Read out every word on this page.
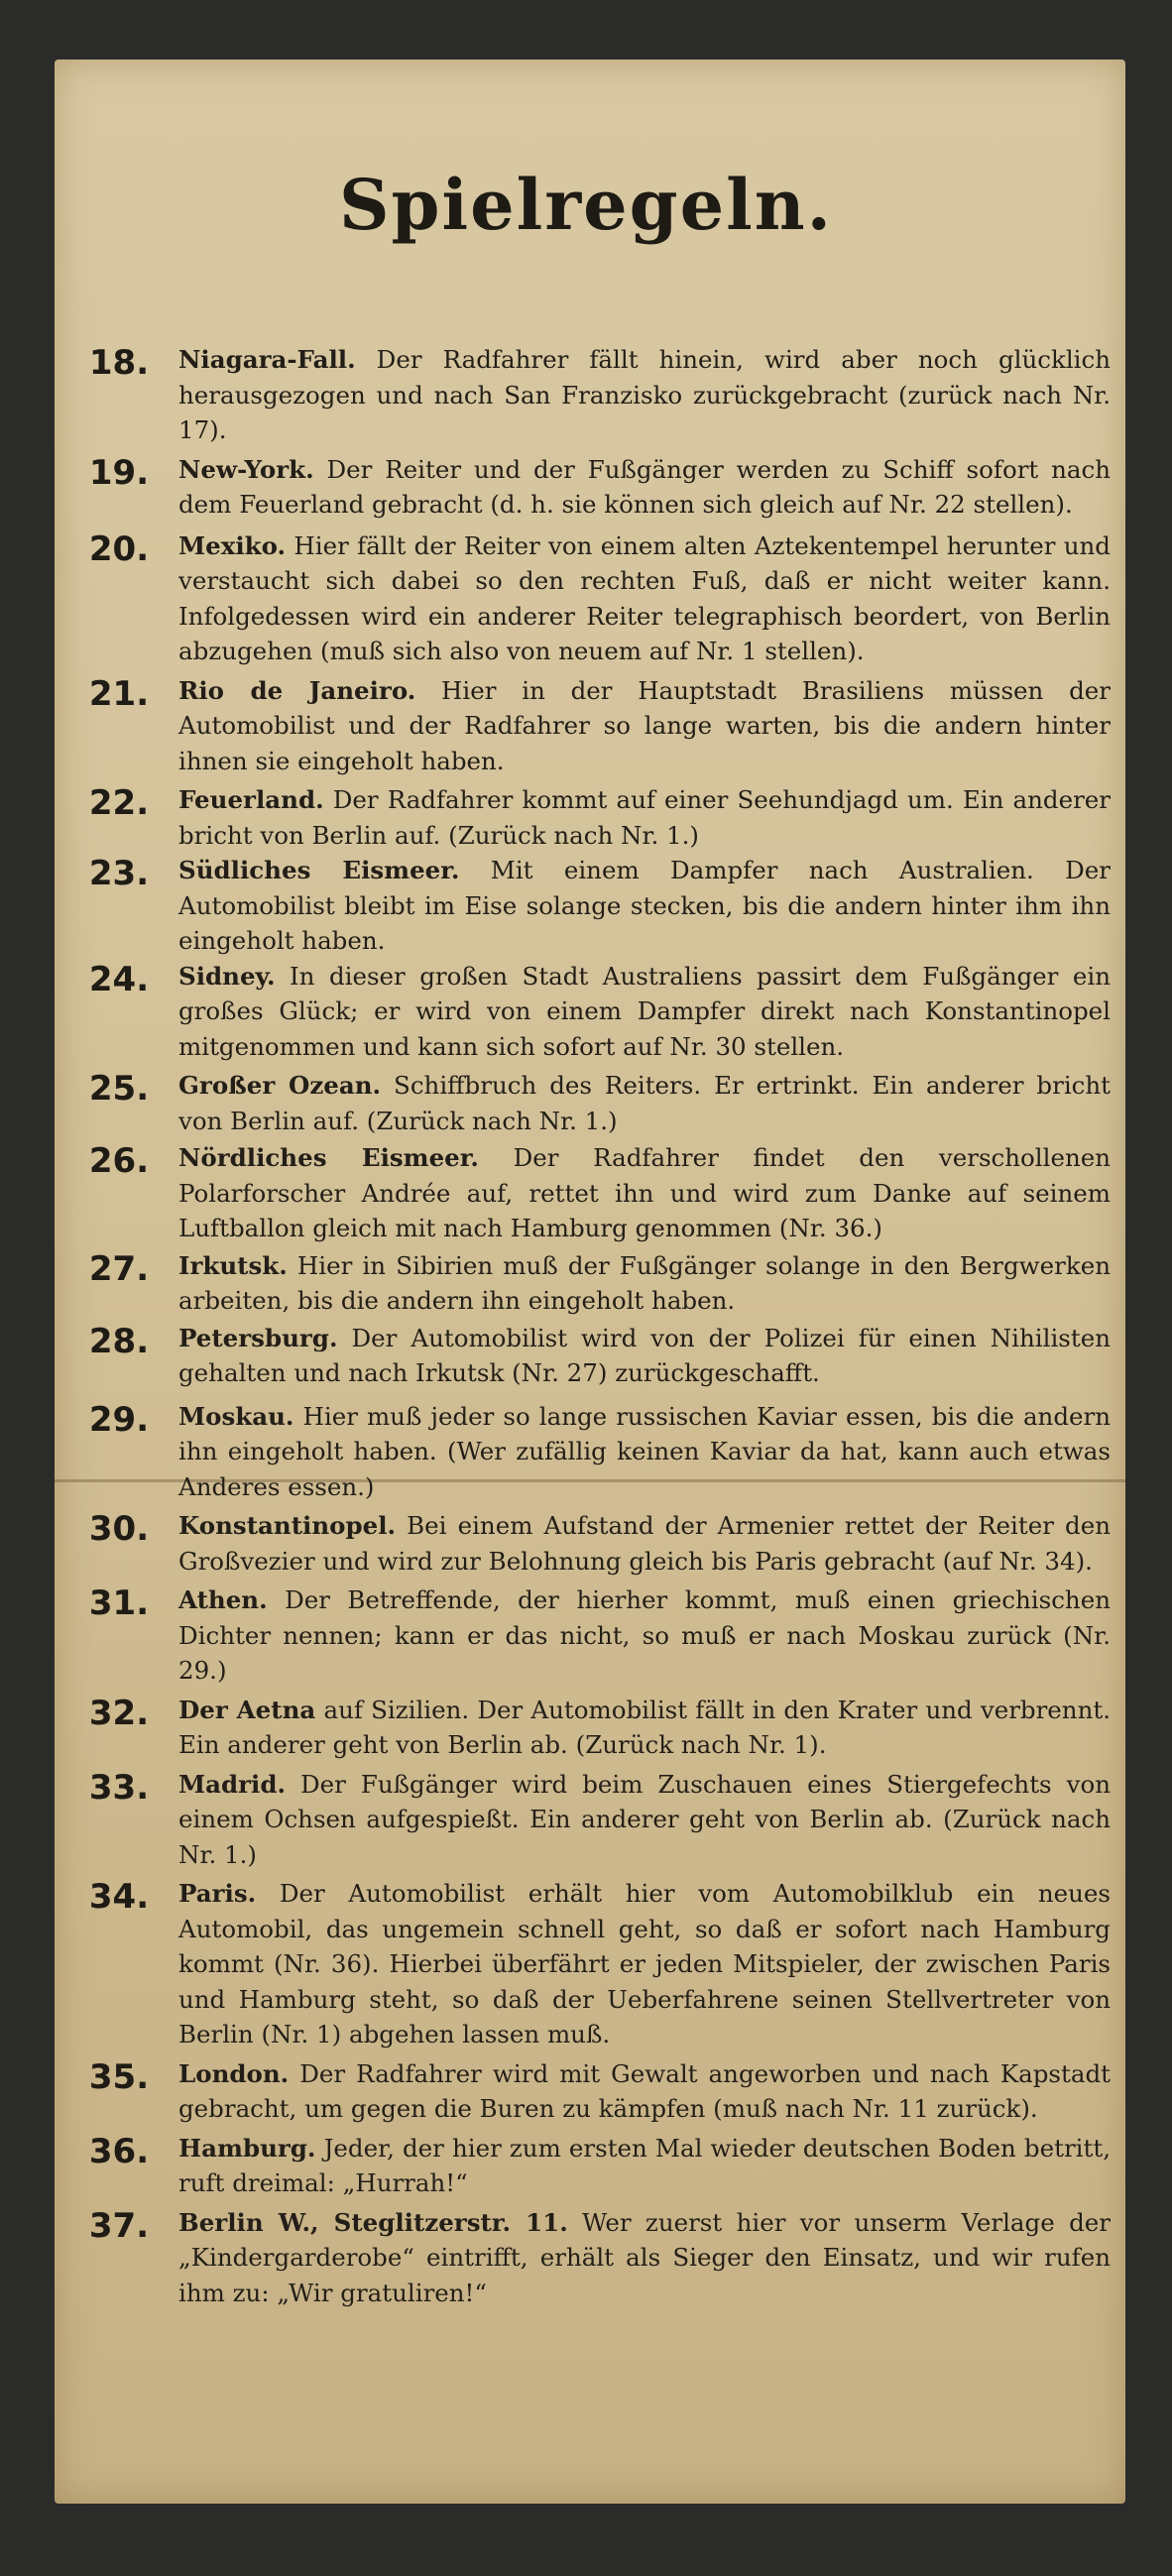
Spielregeln.
18.	Niagara-Fall. Der Radfahrer fällt hinein, wird aber noch glücklich herausgezogen und nach San Franzisko zurückgebracht (zurück nach Nr. 17).
19.	New-York. Der Reiter und der Fußgänger werden zu Schiff sofort nach dem Feuerland gebracht (d. h. sie können sich gleich auf Nr. 22 stellen).
20.	Mexiko. Hier fällt der Reiter von einem alten Aztekentempel herunter und verstaucht sich dabei so den rechten Fuß, daß er nicht weiter kann. Infolgedessen wird ein anderer Reiter telegraphisch beordert, von Berlin abzugehen (muß sich also von neuem auf Nr. 1 stellen).
21.	Rio de Janeiro. Hier in der Hauptstadt Brasiliens müssen der Automobilist und der Radfahrer so lange warten, bis die andern hinter ihnen sie eingeholt haben.
22.	Feuerland. Der Radfahrer kommt auf einer Seehundjagd um. Ein anderer bricht von Berlin auf. (Zurück nach Nr. 1.)
23.	Südliches Eismeer. Mit einem Dampfer nach Australien. Der Automobilist bleibt im Eise solange stecken, bis die andern hinter ihm ihn eingeholt haben.
24.	Sidney. In dieser großen Stadt Australiens passirt dem Fußgänger ein großes Glück; er wird von einem Dampfer direkt nach Konstantinopel mitgenommen und kann sich sofort auf Nr. 30 stellen.
25.	Großer Ozean. Schiffbruch des Reiters. Er ertrinkt. Ein anderer bricht von Berlin auf. (Zurück nach Nr. 1.)
26.	Nördliches Eismeer. Der Radfahrer findet den verschollenen Polarforscher Andrée auf, rettet ihn und wird zum Danke auf seinem Luftballon gleich mit nach Hamburg genommen (Nr. 36.)
27.	Irkutsk. Hier in Sibirien muß der Fußgänger solange in den Bergwerken arbeiten, bis die andern ihn eingeholt haben.
28.	Petersburg. Der Automobilist wird von der Polizei für einen Nihilisten gehalten und nach Irkutsk (Nr. 27) zurückgeschafft.
29.	Moskau. Hier muß jeder so lange russischen Kaviar essen, bis die andern ihn eingeholt haben. (Wer zufällig keinen Kaviar da hat, kann auch etwas Anderes essen.)
30.	Konstantinopel. Bei einem Aufstand der Armenier rettet der Reiter den Großvezier und wird zur Belohnung gleich bis Paris gebracht (auf Nr. 34).
31.	Athen. Der Betreffende, der hierher kommt, muß einen griechischen Dichter nennen; kann er das nicht, so muß er nach Moskau zurück (Nr. 29.)
32.	Der Aetna auf Sizilien. Der Automobilist fällt in den Krater und verbrennt. Ein anderer geht von Berlin ab. (Zurück nach Nr. 1).
33.	Madrid. Der Fußgänger wird beim Zuschauen eines Stiergefechts von einem Ochsen aufgespießt. Ein anderer geht von Berlin ab. (Zurück nach Nr. 1.)
34.	Paris. Der Automobilist erhält hier vom Automobilklub ein neues Automobil, das ungemein schnell geht, so daß er sofort nach Hamburg kommt (Nr. 36). Hierbei überfährt er jeden Mitspieler, der zwischen Paris und Hamburg steht, so daß der Ueberfahrene seinen Stellvertreter von Berlin (Nr. 1) abgehen lassen muß.
35.	London. Der Radfahrer wird mit Gewalt angeworben und nach Kapstadt gebracht, um gegen die Buren zu kämpfen (muß nach Nr. 11 zurück).
36.	Hamburg. Jeder, der hier zum ersten Mal wieder deutschen Boden betritt, ruft dreimal: „Hurrah!“
37.	Berlin W., Steglitzerstr. 11. Wer zuerst hier vor unserm Verlage der „Kindergarderobe“ eintrifft, erhält als Sieger den Einsatz, und wir rufen ihm zu: „Wir gratuliren!“
